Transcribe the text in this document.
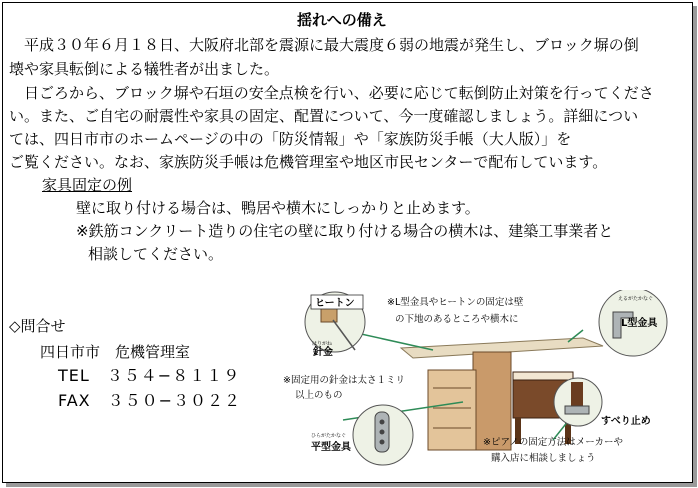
揺れへの備え
平成３０年６月１８日、大阪府北部を震源に最大震度６弱の地震が発生し、ブロック塀の倒
壊や家具転倒による犠牲者が出ました。
日ごろから、ブロック塀や石垣の安全点検を行い、必要に応じて転倒防止対策を行ってくださ
い。また、ご自宅の耐震性や家具の固定、配置について、今一度確認しましょう。詳細につい
ては、四日市市のホームページの中の「防災情報」や「家族防災手帳（大人版）」を
ご覧ください。なお、家族防災手帳は危機管理室や地区市民センターで配布しています。
家具固定の例
壁に取り付ける場合は、鴨居や横木にしっかりと止めます。
※鉄筋コンクリート造りの住宅の壁に取り付ける場合の横木は、建築工事業者と
相談してください。
◇問合せ
四日市市　危機管理室
TEL　３５４−８１１９
FAX　３５０−３０２２
ヒートン
はりがね
針金
えるがたかなぐ
L型金具
※L型金具やヒートンの固定は壁
の下地のあるところや横木に
※固定用の針金は太さ１ミリ
以上のもの
ひらがたかなぐ
平型金具
すべり止め
※ピアノの固定方法はメーカーや
購入店に相談しましょう
